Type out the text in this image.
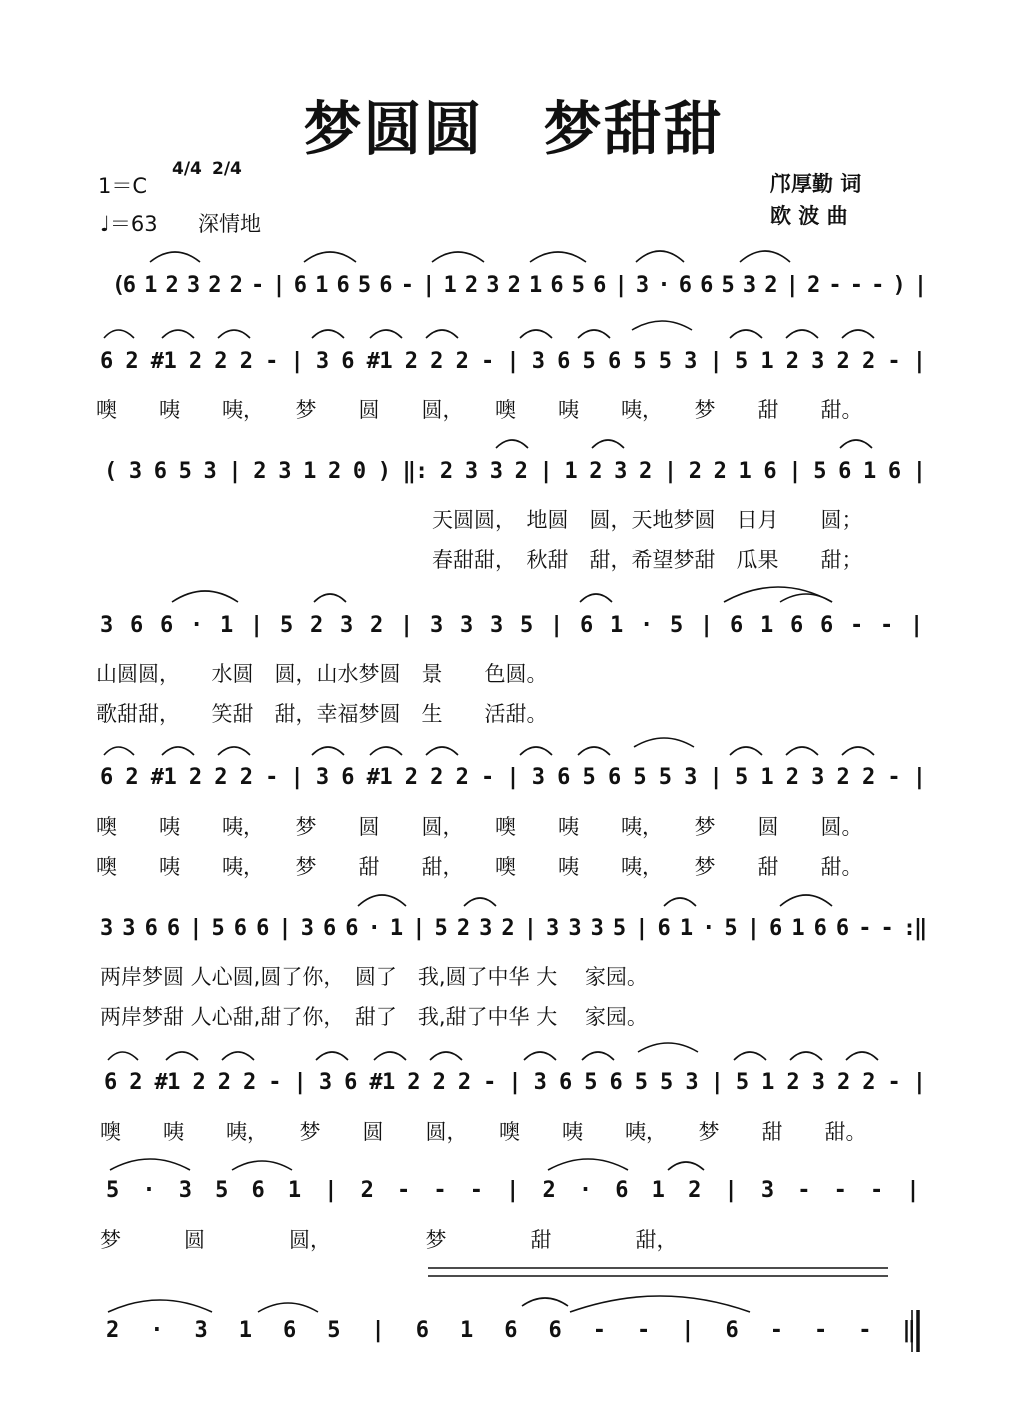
梦圆圆　梦甜甜
1＝C
4/4 2/4
♩＝63 深情地
邝厚勤 词
欧 波 曲
(6 1 2 3 2 2 - | 6 1 6 5 6 - | 1 2 3 2 1 6 5 6 | 3 · 6 6 5 3 2 | 2 - - - ) |
6 2 #1 2 2 2 - | 3 6 #1 2 2 2 - | 3 6 5 6 5 5 3 | 5 1 2 3 2 2 - |
噢　　咦　　咦，　　梦　　圆　　圆，　　噢　　咦　　咦，　　梦　　甜　　甜。
( 3 6 5 3 | 2 3 1 2 0 ) ‖: 2 3 3 2 | 1 2 3 2 | 2 2 1 6 | 5 6 1 6 |
天圆圆，　地圆　圆，天地梦圆　日月　　圆；
春甜甜，　秋甜　甜，希望梦甜　瓜果　　甜；
3 6 6 · 1 | 5 2 3 2 | 3 3 3 5 | 6 1 · 5 | 6 1 6 6 - - |
山圆圆，　　水圆　圆，山水梦圆　景　　色圆。
歌甜甜，　　笑甜　甜，幸福梦圆　生　　活甜。
6 2 #1 2 2 2 - | 3 6 #1 2 2 2 - | 3 6 5 6 5 5 3 | 5 1 2 3 2 2 - |
噢　　咦　　咦，　　梦　　圆　　圆，　　噢　　咦　　咦，　　梦　　圆　　圆。
噢　　咦　　咦，　　梦　　甜　　甜，　　噢　　咦　　咦，　　梦　　甜　　甜。
3 3 6 6 | 5 6 6 | 3 6 6 · 1 | 5 2 3 2 | 3 3 3 5 | 6 1 · 5 | 6 1 6 6 - - :‖
两岸梦圆 人心圆,圆了你，　圆了　我,圆了中华 大　 家园。
两岸梦甜 人心甜,甜了你，　甜了　我,甜了中华 大　 家园。
6 2 #1 2 2 2 - | 3 6 #1 2 2 2 - | 3 6 5 6 5 5 3 | 5 1 2 3 2 2 - |
噢　　咦　　咦，　　梦　　圆　　圆，　　噢　　咦　　咦，　　梦　　甜　　甜。
5 · 3 5 6 1 | 2 - - - | 2 · 6 1 2 | 3 - - - |
梦　　　圆　　　　圆，　　　　　梦　　　　甜　　　　甜，
2 · 3 1 6 5 | 6 1 6 6 - - | 6 - - - ‖
